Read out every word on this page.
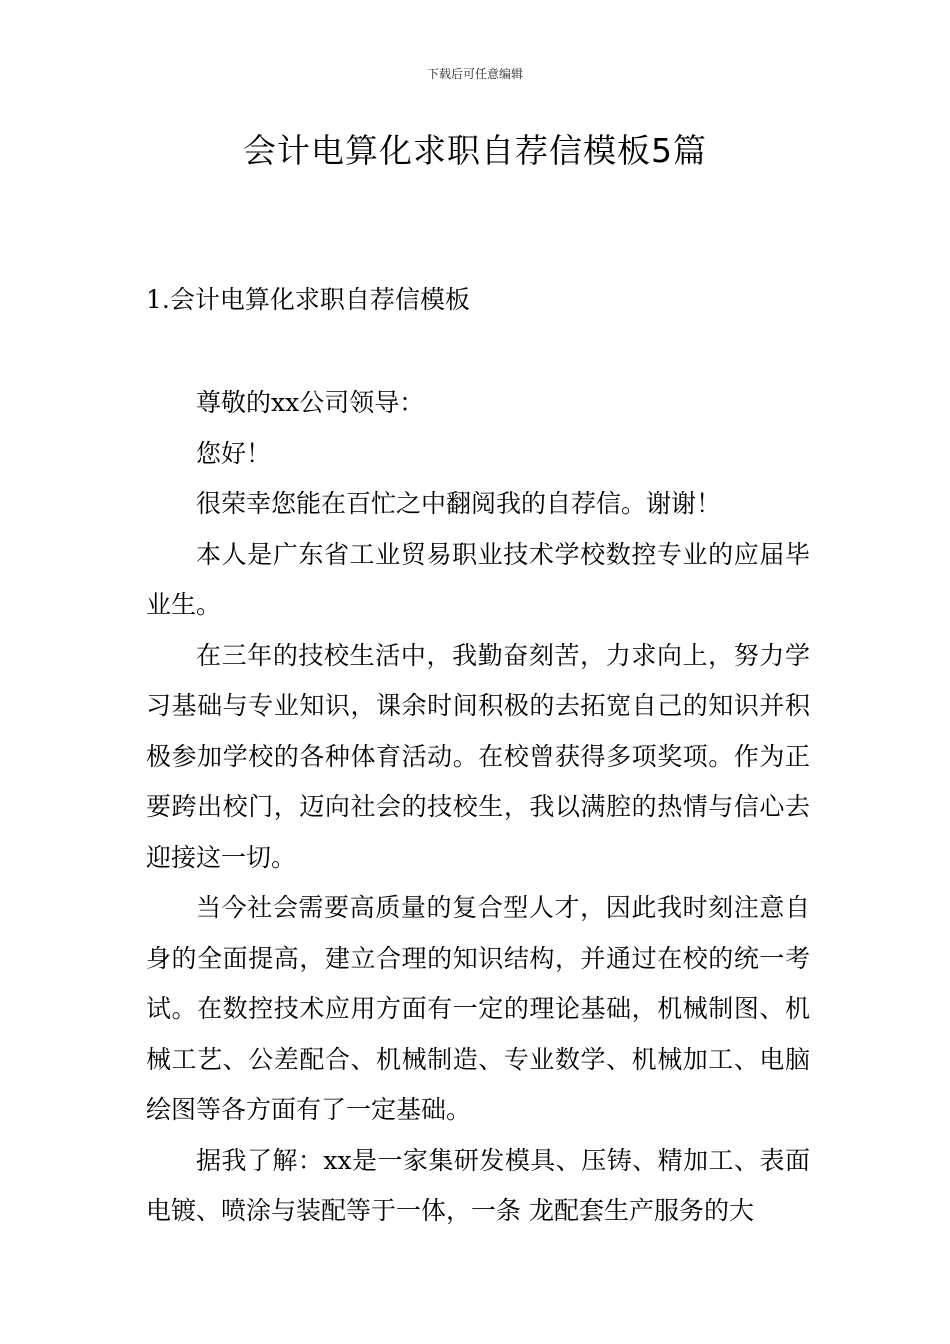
下载后可任意编辑
会计电算化求职自荐信模板5篇
1.会计电算化求职自荐信模板

尊敬的xx公司领导：

您好！

很荣幸您能在百忙之中翻阅我的自荐信。谢谢！

本人是广东省工业贸易职业技术学校数控专业的应届毕业生。

在三年的技校生活中，我勤奋刻苦，力求向上，努力学习基础与专业知识，课余时间积极的去拓宽自己的知识并积极参加学校的各种体育活动。在校曾获得多项奖项。作为正要跨出校门，迈向社会的技校生，我以满腔的热情与信心去迎接这一切。

当今社会需要高质量的复合型人才，因此我时刻注意自身的全面提高，建立合理的知识结构，并通过在校的统一考试。在数控技术应用方面有一定的理论基础，机械制图、机械工艺、公差配合、机械制造、专业数学、机械加工、电脑绘图等各方面有了一定基础。

据我了解：xx是一家集研发模具、压铸、精加工、表面电镀、喷涂与装配等于一体，一条 龙配套生产服务的大
